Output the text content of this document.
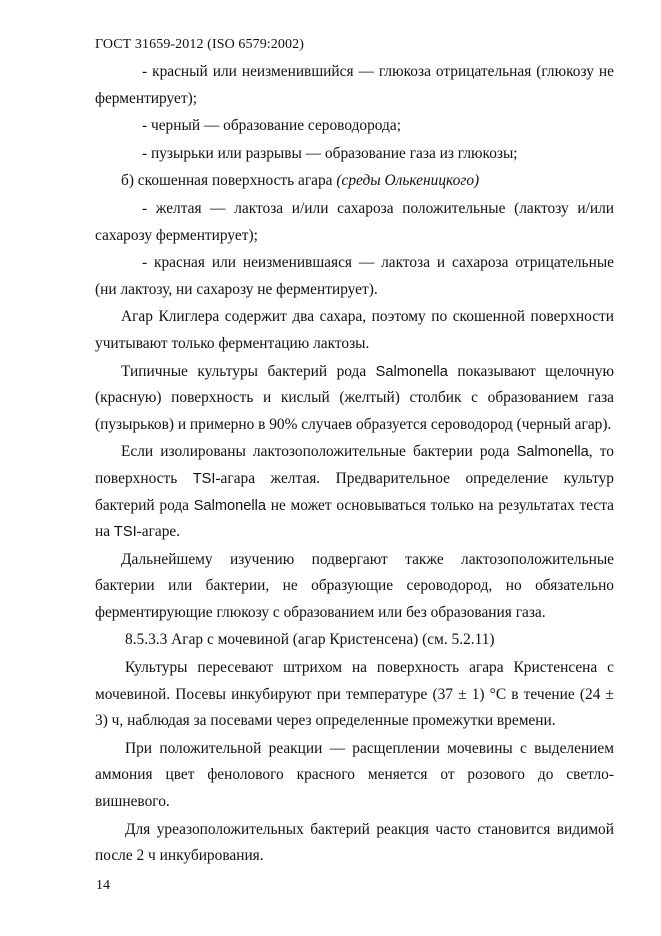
ГОСТ 31659-2012 (ISO 6579:2002)

- красный или неизменившийся — глюкоза отрицательная (глюкозу не ферментирует);

- черный — образование сероводорода;

- пузырьки или разрывы — образование газа из глюкозы;

б) скошенная поверхность агара (среды Олькеницкого)

- желтая — лактоза и/или сахароза положительные (лактозу и/или сахарозу ферментирует);

- красная или неизменившаяся — лактоза и сахароза отрицательные (ни лактозу, ни сахарозу не ферментирует).

Агар Клиглера содержит два сахара, поэтому по скошенной поверхности учитывают только ферментацию лактозы.

Типичные культуры бактерий рода Salmonella показывают щелочную (красную) поверхность и кислый (желтый) столбик с образованием газа (пузырьков) и примерно в 90% случаев образуется сероводород (черный агар).

Если изолированы лактозоположительные бактерии рода Salmonella, то поверхность TSI-агара желтая. Предварительное определение культур бактерий рода Salmonella не может основываться только на результатах теста на TSI-агаре.

Дальнейшему изучению подвергают также лактозоположительные бактерии или бактерии, не образующие сероводород, но обязательно ферментирующие глюкозу с образованием или без образования газа.

8.5.3.3 Агар с мочевиной (агар Кристенсена) (см. 5.2.11)

Культуры пересевают штрихом на поверхность агара Кристенсена с мочевиной. Посевы инкубируют при температуре (37 ± 1) °С в течение (24 ± 3) ч, наблюдая за посевами через определенные промежутки времени.

При положительной реакции — расщеплении мочевины с выделением аммония цвет фенолового красного меняется от розового до светло-вишневого.

Для уреазоположительных бактерий реакция часто становится видимой после 2 ч инкубирования.

14
